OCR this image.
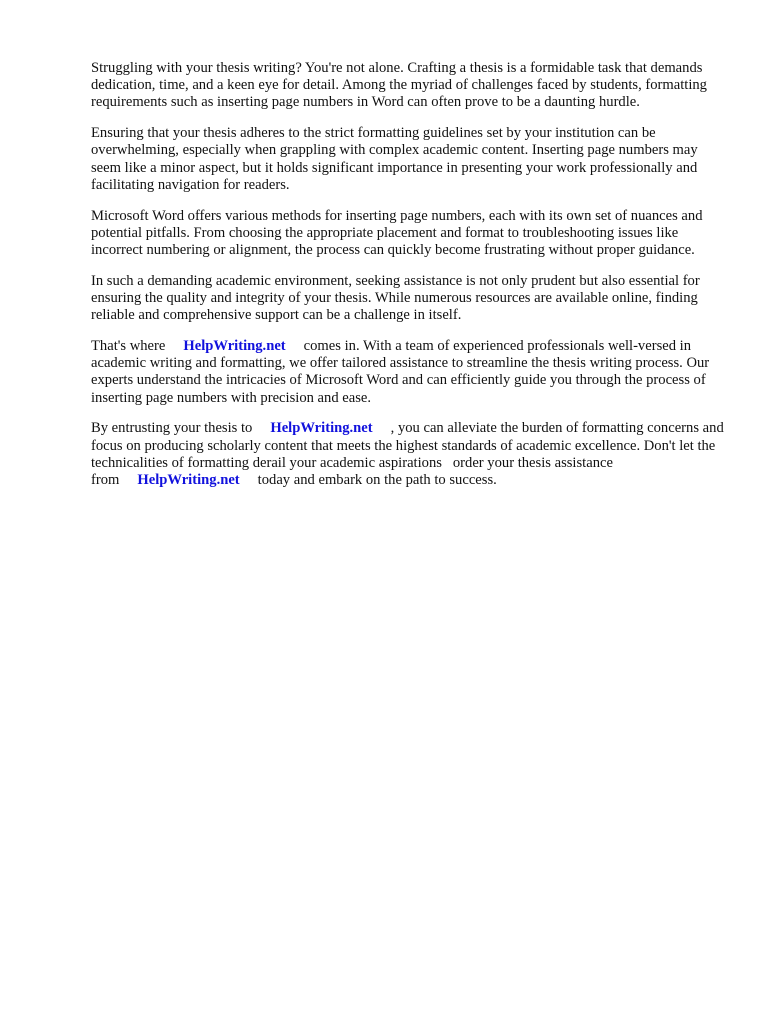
Struggling with your thesis writing? You're not alone. Crafting a thesis is a formidable task that demands dedication, time, and a keen eye for detail. Among the myriad of challenges faced by students, formatting requirements such as inserting page numbers in Word can often prove to be a daunting hurdle.

Ensuring that your thesis adheres to the strict formatting guidelines set by your institution can be overwhelming, especially when grappling with complex academic content. Inserting page numbers may seem like a minor aspect, but it holds significant importance in presenting your work professionally and facilitating navigation for readers.

Microsoft Word offers various methods for inserting page numbers, each with its own set of nuances and potential pitfalls. From choosing the appropriate placement and format to troubleshooting issues like incorrect numbering or alignment, the process can quickly become frustrating without proper guidance.

In such a demanding academic environment, seeking assistance is not only prudent but also essential for ensuring the quality and integrity of your thesis. While numerous resources are available online, finding reliable and comprehensive support can be a challenge in itself.

That's where HelpWriting.net comes in. With a team of experienced professionals well-versed in academic writing and formatting, we offer tailored assistance to streamline the thesis writing process. Our experts understand the intricacies of Microsoft Word and can efficiently guide you through the process of inserting page numbers with precision and ease.

By entrusting your thesis to HelpWriting.net , you can alleviate the burden of formatting concerns and focus on producing scholarly content that meets the highest standards of academic excellence. Don't let the technicalities of formatting derail your academic aspirations   order your thesis assistance from HelpWriting.net today and embark on the path to success.
